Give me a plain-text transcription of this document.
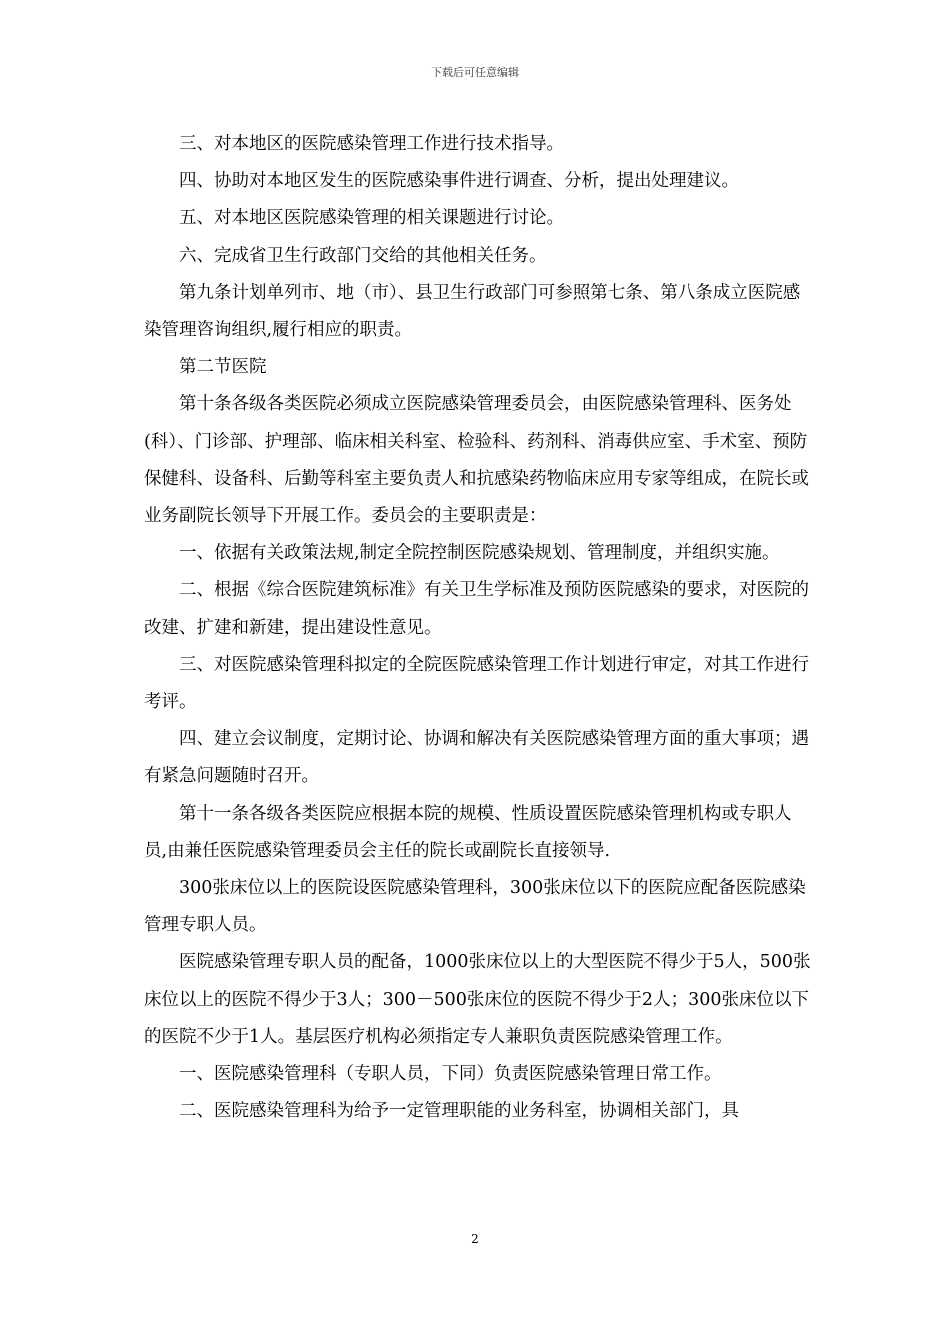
下载后可任意编辑

三、对本地区的医院感染管理工作进行技术指导。

四、协助对本地区发生的医院感染事件进行调查、分析，提出处理建议。

五、对本地区医院感染管理的相关课题进行讨论。

六、完成省卫生行政部门交给的其他相关任务。

第九条计划单列市、地（市）、县卫生行政部门可参照第七条、第八条成立医院感染管理咨询组织,履行相应的职责。

第二节医院

第十条各级各类医院必须成立医院感染管理委员会，由医院感染管理科、医务处(科）、门诊部、护理部、临床相关科室、检验科、药剂科、消毒供应室、手术室、预防保健科、设备科、后勤等科室主要负责人和抗感染药物临床应用专家等组成，在院长或业务副院长领导下开展工作。委员会的主要职责是：

一、依据有关政策法规,制定全院控制医院感染规划、管理制度，并组织实施。

二、根据《综合医院建筑标准》有关卫生学标准及预防医院感染的要求，对医院的改建、扩建和新建，提出建设性意见。

三、对医院感染管理科拟定的全院医院感染管理工作计划进行审定，对其工作进行考评。

四、建立会议制度，定期讨论、协调和解决有关医院感染管理方面的重大事项；遇有紧急问题随时召开。

第十一条各级各类医院应根据本院的规模、性质设置医院感染管理机构或专职人员,由兼任医院感染管理委员会主任的院长或副院长直接领导.

300张床位以上的医院设医院感染管理科，300张床位以下的医院应配备医院感染管理专职人员。

医院感染管理专职人员的配备，1000张床位以上的大型医院不得少于5人，500张床位以上的医院不得少于3人；300－500张床位的医院不得少于2人；300张床位以下的医院不少于1人。基层医疗机构必须指定专人兼职负责医院感染管理工作。

一、医院感染管理科（专职人员，下同）负责医院感染管理日常工作。

二、医院感染管理科为给予一定管理职能的业务科室，协调相关部门，具

2
